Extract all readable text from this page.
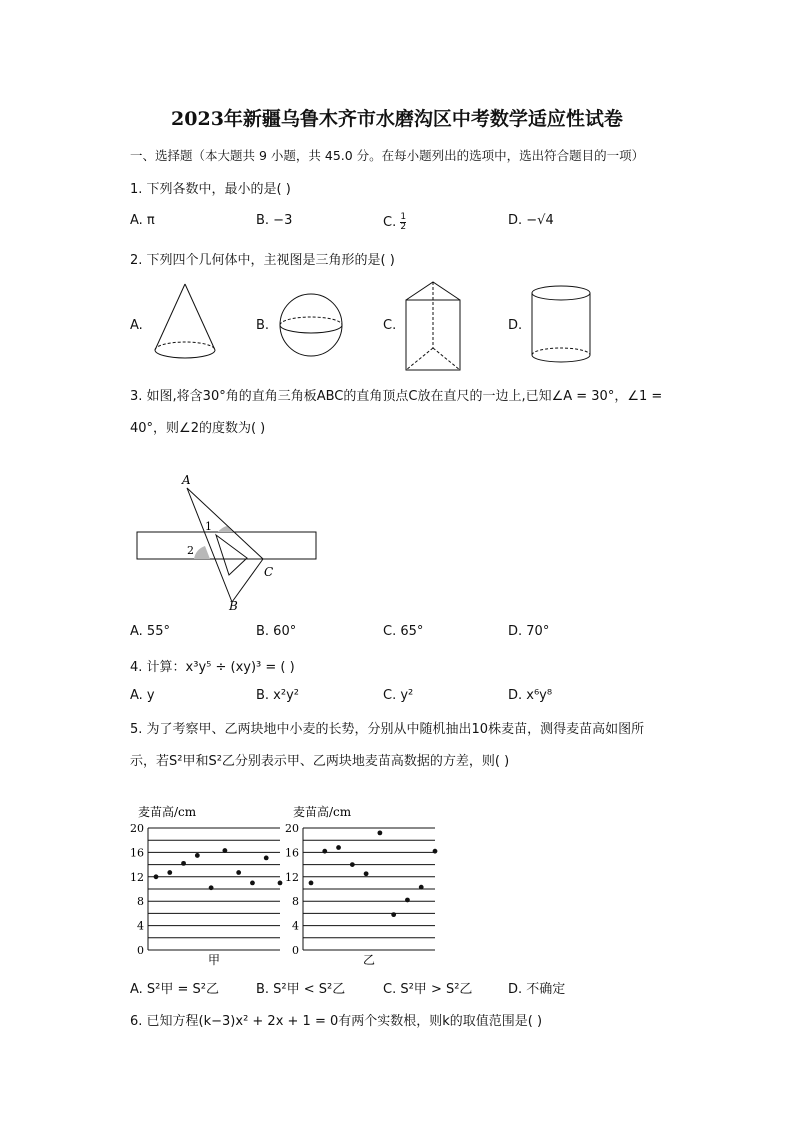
2023年新疆乌鲁木齐市水磨沟区中考数学适应性试卷
一、选择题（本大题共 9 小题，共 45.0 分。在每小题列出的选项中，选出符合题目的一项）
1. 下列各数中，最小的是( )
A. π	B. −3	C. $\frac{1}{2}$	D. −√4
2. 下列四个几何体中，主视图是三角形的是( )
A.	B.	C.	D.
3. 如图,将含30°角的直角三角板ABC的直角顶点C放在直尺的一边上,已知∠A = 30°，∠1 =
40°，则∠2的度数为( )
A
C
B
1
2
A. 55°	B. 60°	C. 65°	D. 70°
4. 计算：x³y⁵ ÷ (xy)³ = ( )
A. y	B. x²y²	C. y²	D. x⁶y⁸
5. 为了考察甲、乙两块地中小麦的长势，分别从中随机抽出10株麦苗，测得麦苗高如图所
示，若S²甲和S²乙分别表示甲、乙两块地麦苗高数据的方差，则( )
麦苗高/cm
0
4
8
12
16
20
甲
麦苗高/cm
0
4
8
12
16
20
乙
A. S²甲 = S²乙	B. S²甲 < S²乙	C. S²甲 > S²乙	D. 不确定
6. 已知方程(k−3)x² + 2x + 1 = 0有两个实数根，则k的取值范围是( )
